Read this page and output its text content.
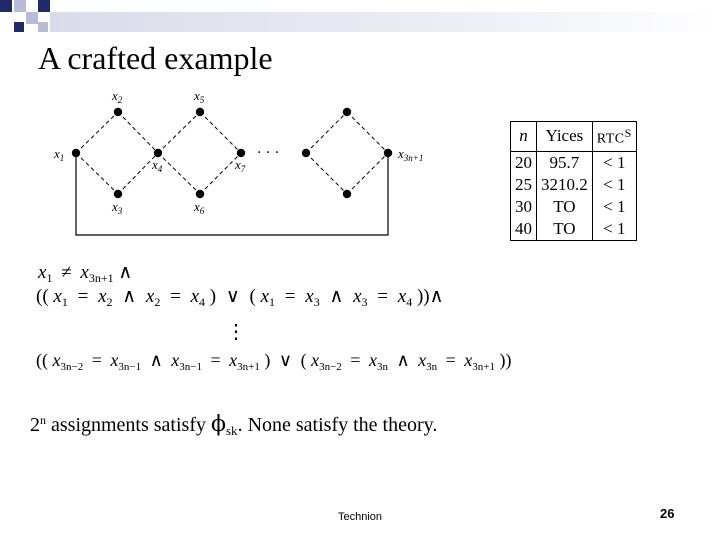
A crafted example
· · ·
$x_1$
$x_2$
$x_3$
$x_4$
$x_5$
$x_6$
$x_7$
$x_{3n+1}$
n	Yices	$RTC^S$
20	95.7	< 1
25	3210.2	< 1
30	TO	< 1
40	TO	< 1
$x_1 \ne x_{3n+1}$ ∧
(( $x_1 = x_2$ ∧ $x_2 = x_4$ ) ∨ ( $x_1 = x_3$ ∧ $x_3 = x_4$ ))∧
⋮
(( $x_{3n-2} = x_{3n-1}$ ∧ $x_{3n-1} = x_{3n+1}$ ) ∨ ( $x_{3n-2} = x_{3n}$ ∧ $x_{3n} = x_{3n+1}$ ))
2$^n$ assignments satisfy $\phi_{sk}$. None satisfy the theory.
Technion	26
